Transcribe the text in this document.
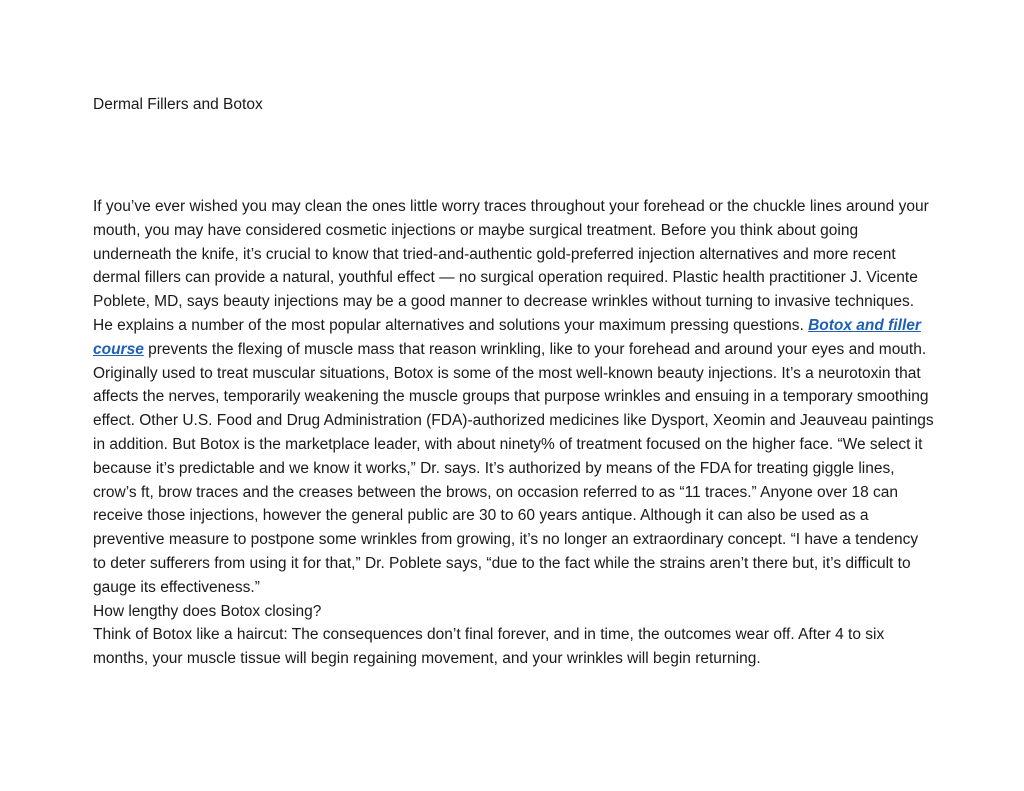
Dermal Fillers and Botox

If you’ve ever wished you may clean the ones little worry traces throughout your forehead or the chuckle lines around your mouth, you may have considered cosmetic injections or maybe surgical treatment. Before you think about going underneath the knife, it’s crucial to know that tried-and-authentic gold-preferred injection alternatives and more recent dermal fillers can provide a natural, youthful effect — no surgical operation required. Plastic health practitioner J. Vicente Poblete, MD, says beauty injections may be a good manner to decrease wrinkles without turning to invasive techniques. He explains a number of the most popular alternatives and solutions your maximum pressing questions. Botox and filler course prevents the flexing of muscle mass that reason wrinkling, like to your forehead and around your eyes and mouth. Originally used to treat muscular situations, Botox is some of the most well-known beauty injections. It’s a neurotoxin that affects the nerves, temporarily weakening the muscle groups that purpose wrinkles and ensuing in a temporary smoothing effect. Other U.S. Food and Drug Administration (FDA)-authorized medicines like Dysport, Xeomin and Jeauveau paintings in addition. But Botox is the marketplace leader, with about ninety% of treatment focused on the higher face. “We select it because it’s predictable and we know it works,” Dr. says. It’s authorized by means of the FDA for treating giggle lines, crow’s ft, brow traces and the creases between the brows, on occasion referred to as “11 traces.” Anyone over 18 can receive those injections, however the general public are 30 to 60 years antique. Although it can also be used as a preventive measure to postpone some wrinkles from growing, it’s no longer an extraordinary concept. “I have a tendency to deter sufferers from using it for that,” Dr. Poblete says, “due to the fact while the strains aren’t there but, it’s difficult to gauge its effectiveness.”

How lengthy does Botox closing?

Think of Botox like a haircut: The consequences don’t final forever, and in time, the outcomes wear off. After 4 to six months, your muscle tissue will begin regaining movement, and your wrinkles will begin returning.
